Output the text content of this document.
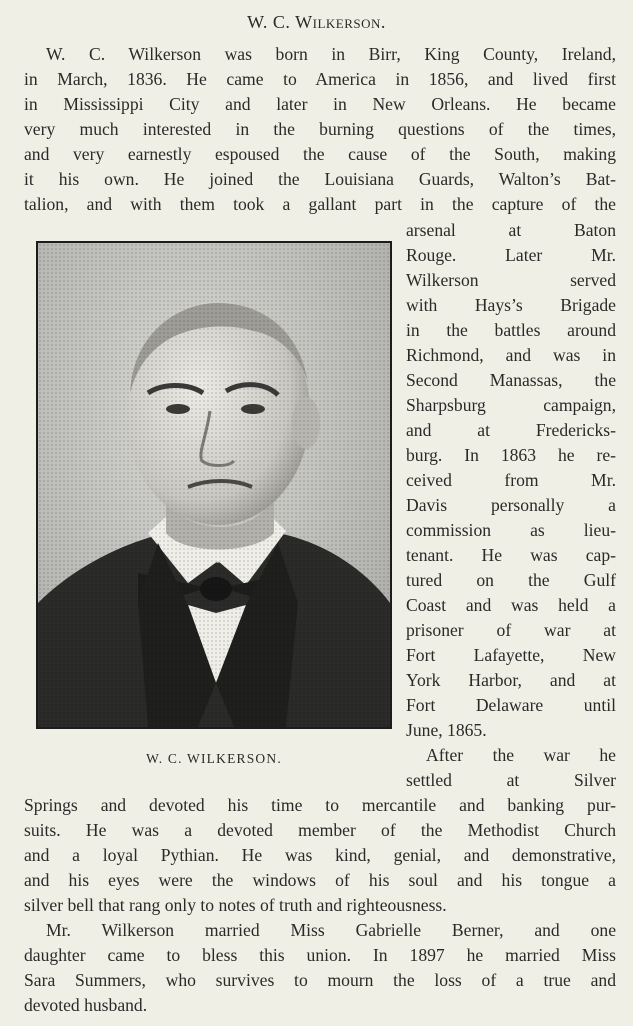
W. C. Wilkerson.
W. C. Wilkerson was born in Birr, King County, Ireland,
in March, 1836. He came to America in 1856, and lived first
in Mississippi City and later in New Orleans. He became
very much interested in the burning questions of the times,
and very earnestly espoused the cause of the South, making
it his own. He joined the Louisiana Guards, Walton’s Bat-
talion, and with them took a gallant part in the capture of the
arsenal at Baton
Rouge. Later Mr.
Wilkerson served
with Hays’s Brigade
in the battles around
Richmond, and was in
Second Manassas, the
Sharpsburg campaign,
and at Fredericks-
burg. In 1863 he re-
ceived from Mr.
Davis personally a
commission as lieu-
tenant. He was cap-
tured on the Gulf
Coast and was held a
prisoner of war at
Fort Lafayette, New
York Harbor, and at
Fort Delaware until
June, 1865.
After the war he
settled at Silver
W. C. WILKERSON.
Springs and devoted his time to mercantile and banking pur-
suits. He was a devoted member of the Methodist Church
and a loyal Pythian. He was kind, genial, and demonstrative,
and his eyes were the windows of his soul and his tongue a
silver bell that rang only to notes of truth and righteousness.
Mr. Wilkerson married Miss Gabrielle Berner, and one
daughter came to bless this union. In 1897 he married Miss
Sara Summers, who survives to mourn the loss of a true and
devoted husband.
